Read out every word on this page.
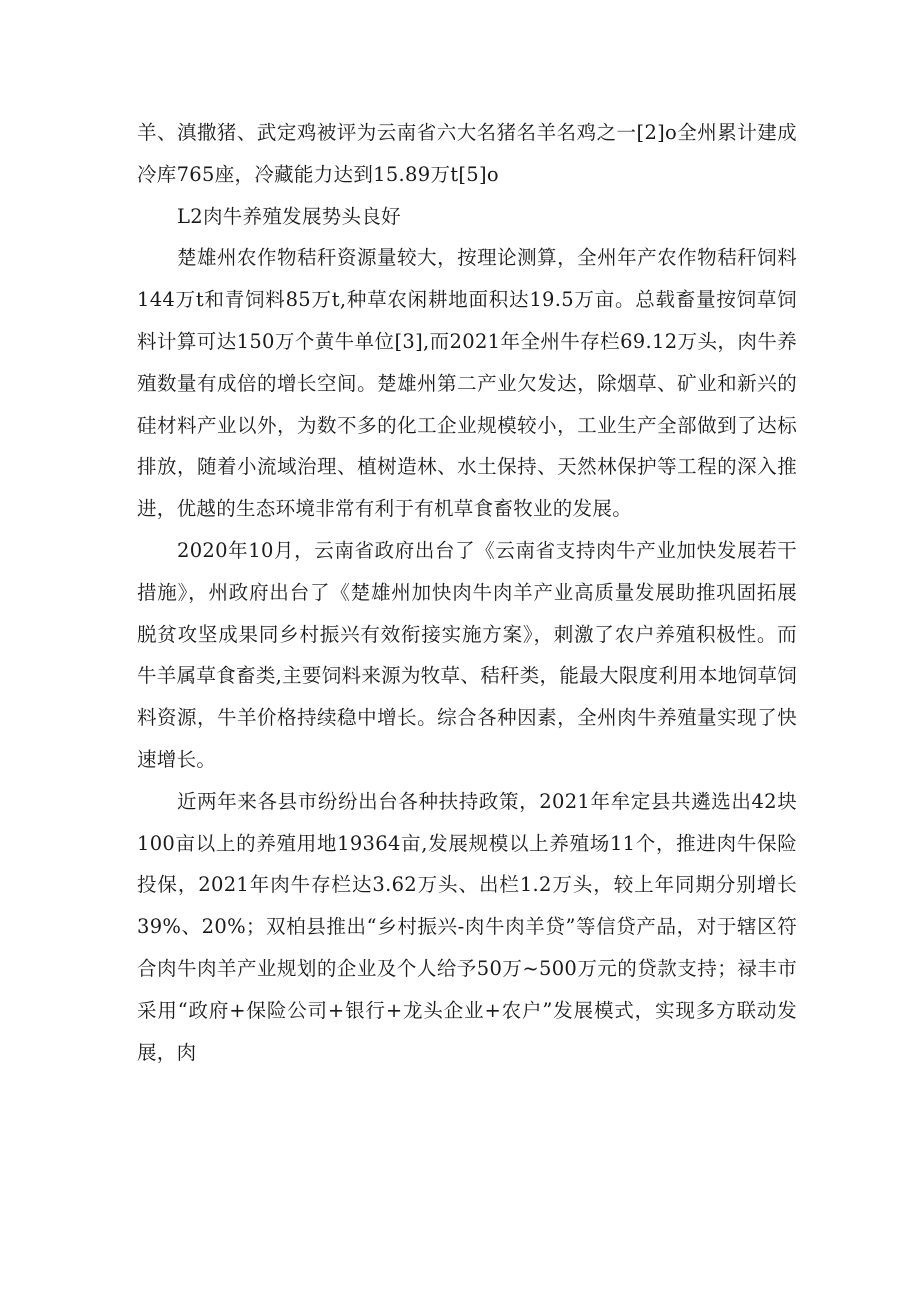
羊、滇撒猪、武定鸡被评为云南省六大名猪名羊名鸡之一[2]o全州累计建成冷库765座，冷藏能力达到15.89万t[5]o

L2肉牛养殖发展势头良好

楚雄州农作物秸秆资源量较大，按理论测算，全州年产农作物秸秆饲料144万t和青饲料85万t,种草农闲耕地面积达19.5万亩。总载畜量按饲草饲料计算可达150万个黄牛单位[3],而2021年全州牛存栏69.12万头，肉牛养殖数量有成倍的增长空间。楚雄州第二产业欠发达，除烟草、矿业和新兴的硅材料产业以外，为数不多的化工企业规模较小，工业生产全部做到了达标排放，随着小流域治理、植树造林、水土保持、天然林保护等工程的深入推进，优越的生态环境非常有利于有机草食畜牧业的发展。

2020年10月，云南省政府出台了《云南省支持肉牛产业加快发展若干措施》，州政府出台了《楚雄州加快肉牛肉羊产业高质量发展助推巩固拓展脱贫攻坚成果同乡村振兴有效衔接实施方案》，刺激了农户养殖积极性。而牛羊属草食畜类,主要饲料来源为牧草、秸秆类，能最大限度利用本地饲草饲料资源，牛羊价格持续稳中增长。综合各种因素，全州肉牛养殖量实现了快速增长。

近两年来各县市纷纷出台各种扶持政策，2021年牟定县共遴选出42块100亩以上的养殖用地19364亩,发展规模以上养殖场11个，推进肉牛保险投保，2021年肉牛存栏达3.62万头、出栏1.2万头，较上年同期分别增长39%、20%；双柏县推出“乡村振兴-肉牛肉羊贷”等信贷产品，对于辖区符合肉牛肉羊产业规划的企业及个人给予50万~500万元的贷款支持；禄丰市采用“政府+保险公司+银行+龙头企业+农户”发展模式，实现多方联动发展，肉
